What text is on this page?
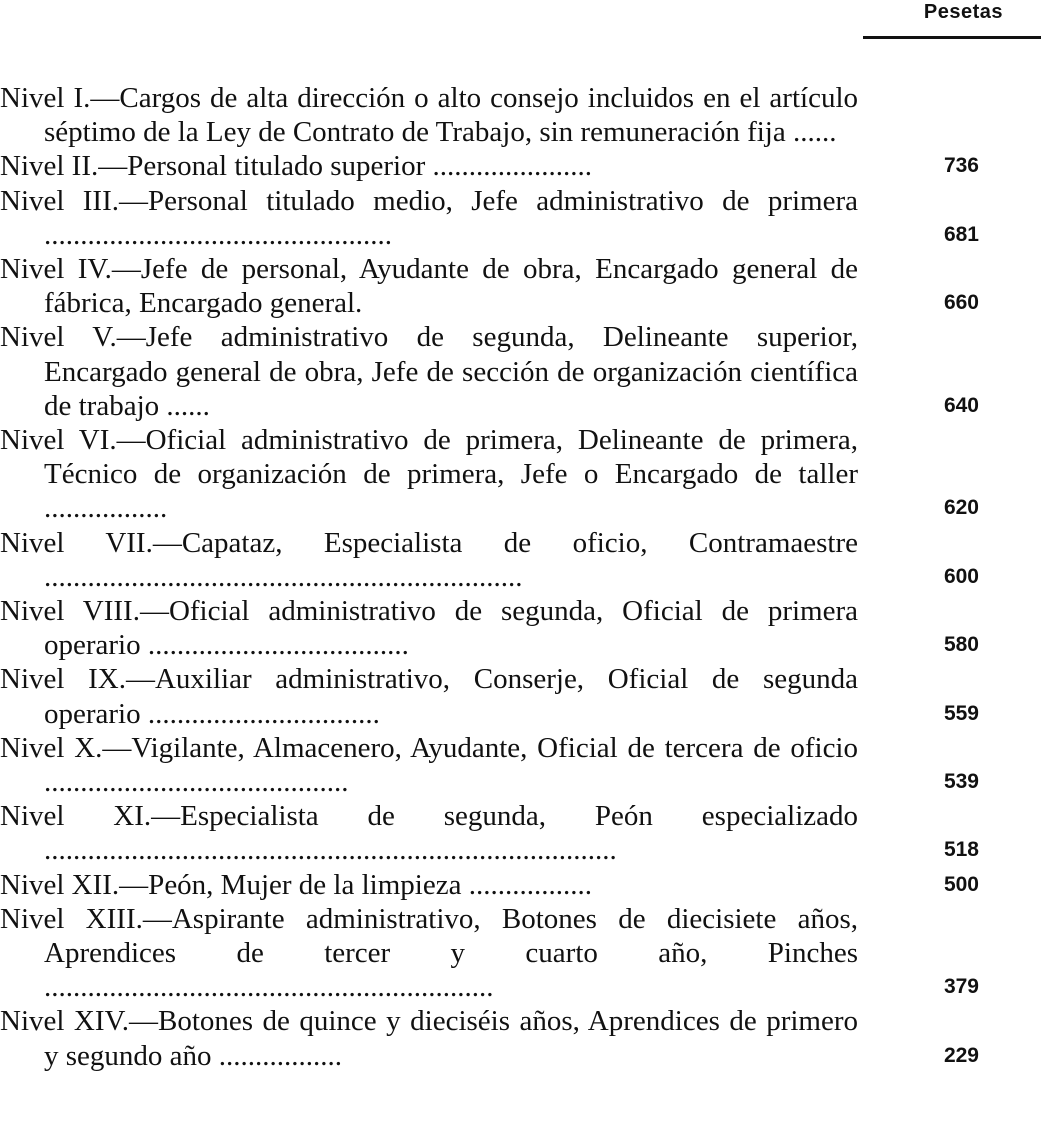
Pesetas
Nivel I.—Cargos de alta dirección o alto consejo incluidos en el artículo séptimo de la Ley de Contrato de Trabajo, sin remuneración fija ......
Nivel II.—Personal titulado superior ......................	736
Nivel III.—Personal titulado medio, Jefe administrativo de primera ................................................	681
Nivel IV.—Jefe de personal, Ayudante de obra, Encargado general de fábrica, Encargado general.	660
Nivel V.—Jefe administrativo de segunda, Delineante superior, Encargado general de obra, Jefe de sección de organización científica de trabajo ......	640
Nivel VI.—Oficial administrativo de primera, Delineante de primera, Técnico de organización de primera, Jefe o Encargado de taller .................	620
Nivel VII.—Capataz, Especialista de oficio, Contramaestre ..................................................................	600
Nivel VIII.—Oficial administrativo de segunda, Oficial de primera operario ....................................	580
Nivel IX.—Auxiliar administrativo, Conserje, Oficial de segunda operario ................................	559
Nivel X.—Vigilante, Almacenero, Ayudante, Oficial de tercera de oficio ..........................................	539
Nivel XI.—Especialista de segunda, Peón especializado ...............................................................................	518
Nivel XII.—Peón, Mujer de la limpieza .................	500
Nivel XIII.—Aspirante administrativo, Botones de diecisiete años, Aprendices de tercer y cuarto año, Pinches ..............................................................	379
Nivel XIV.—Botones de quince y dieciséis años, Aprendices de primero y segundo año .................	229
